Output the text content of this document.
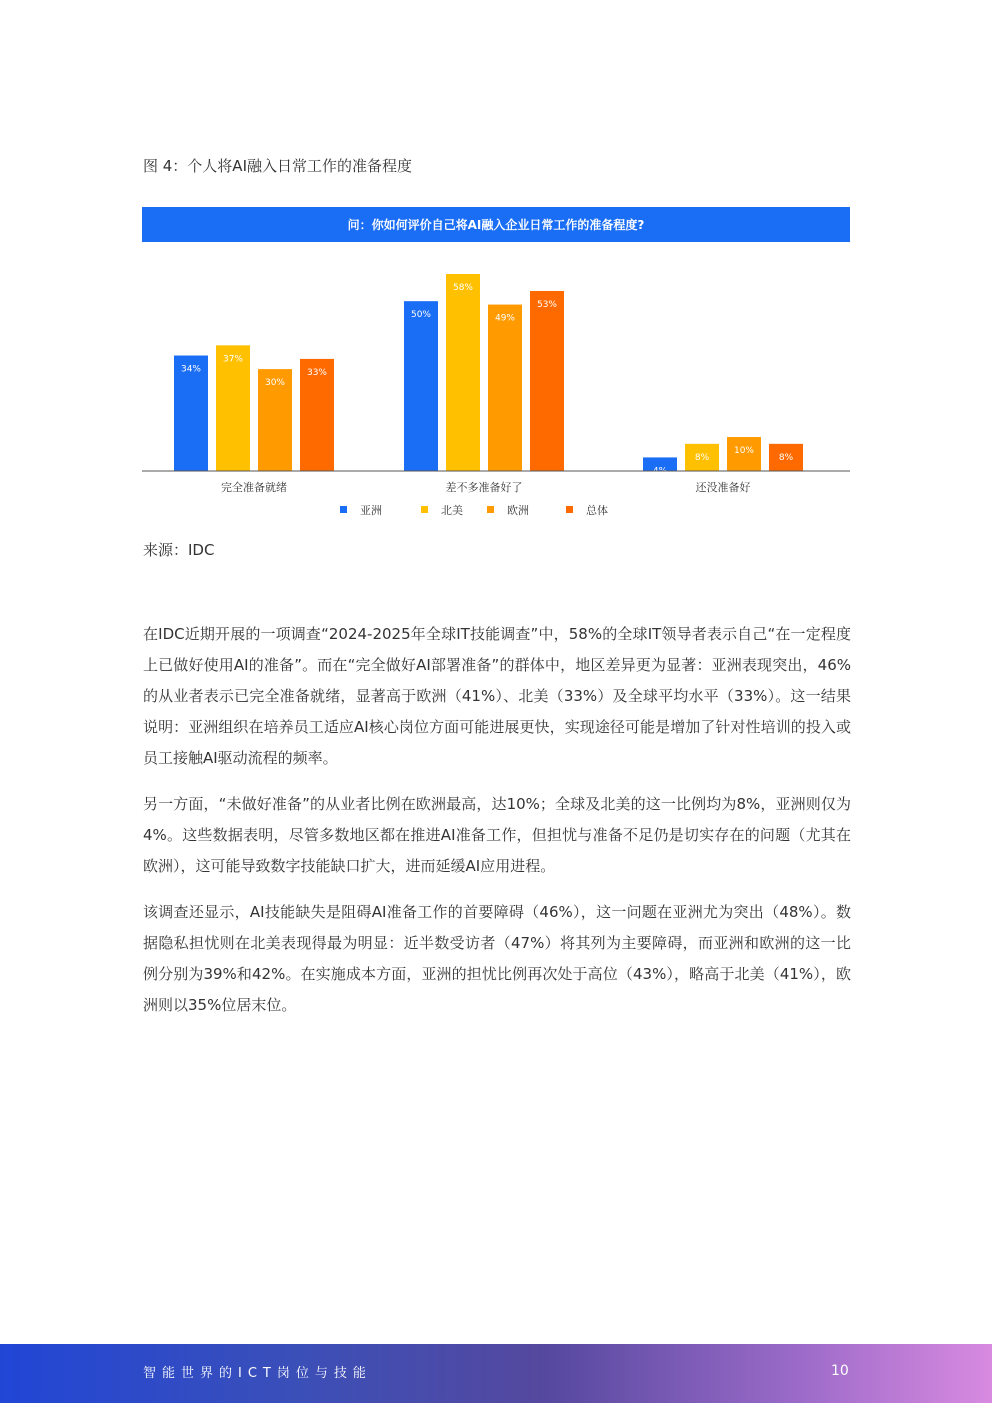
图 4：个人将AI融入日常工作的准备程度
问：你如何评价自己将AI融入企业日常工作的准备程度?
34%
37%
30%
33%
完全准备就绪
50%
58%
49%
53%
差不多准备好了
4%
8%
10%
8%
还没准备好
亚洲	北美	欧洲	总体
来源：IDC

在IDC近期开展的一项调查“2024-2025年全球IT技能调查”中，58%的全球IT领导者表示自己“在一定程度上已做好使用AI的准备”。而在“完全做好AI部署准备”的群体中，地区差异更为显著：亚洲表现突出，46%的从业者表示已完全准备就绪，显著高于欧洲（41%）、北美（33%）及全球平均水平（33%）。这一结果说明：亚洲组织在培养员工适应AI核心岗位方面可能进展更快，实现途径可能是增加了针对性培训的投入或员工接触AI驱动流程的频率。

另一方面，“未做好准备”的从业者比例在欧洲最高，达10%；全球及北美的这一比例均为8%，亚洲则仅为4%。这些数据表明，尽管多数地区都在推进AI准备工作，但担忧与准备不足仍是切实存在的问题（尤其在欧洲），这可能导致数字技能缺口扩大，进而延缓AI应用进程。

该调查还显示，AI技能缺失是阻碍AI准备工作的首要障碍（46%），这一问题在亚洲尤为突出（48%）。数据隐私担忧则在北美表现得最为明显：近半数受访者（47%）将其列为主要障碍，而亚洲和欧洲的这一比例分别为39%和42%。在实施成本方面，亚洲的担忧比例再次处于高位（43%），略高于北美（41%），欧洲则以35%位居末位。

智能世界的ICT岗位与技能	10
